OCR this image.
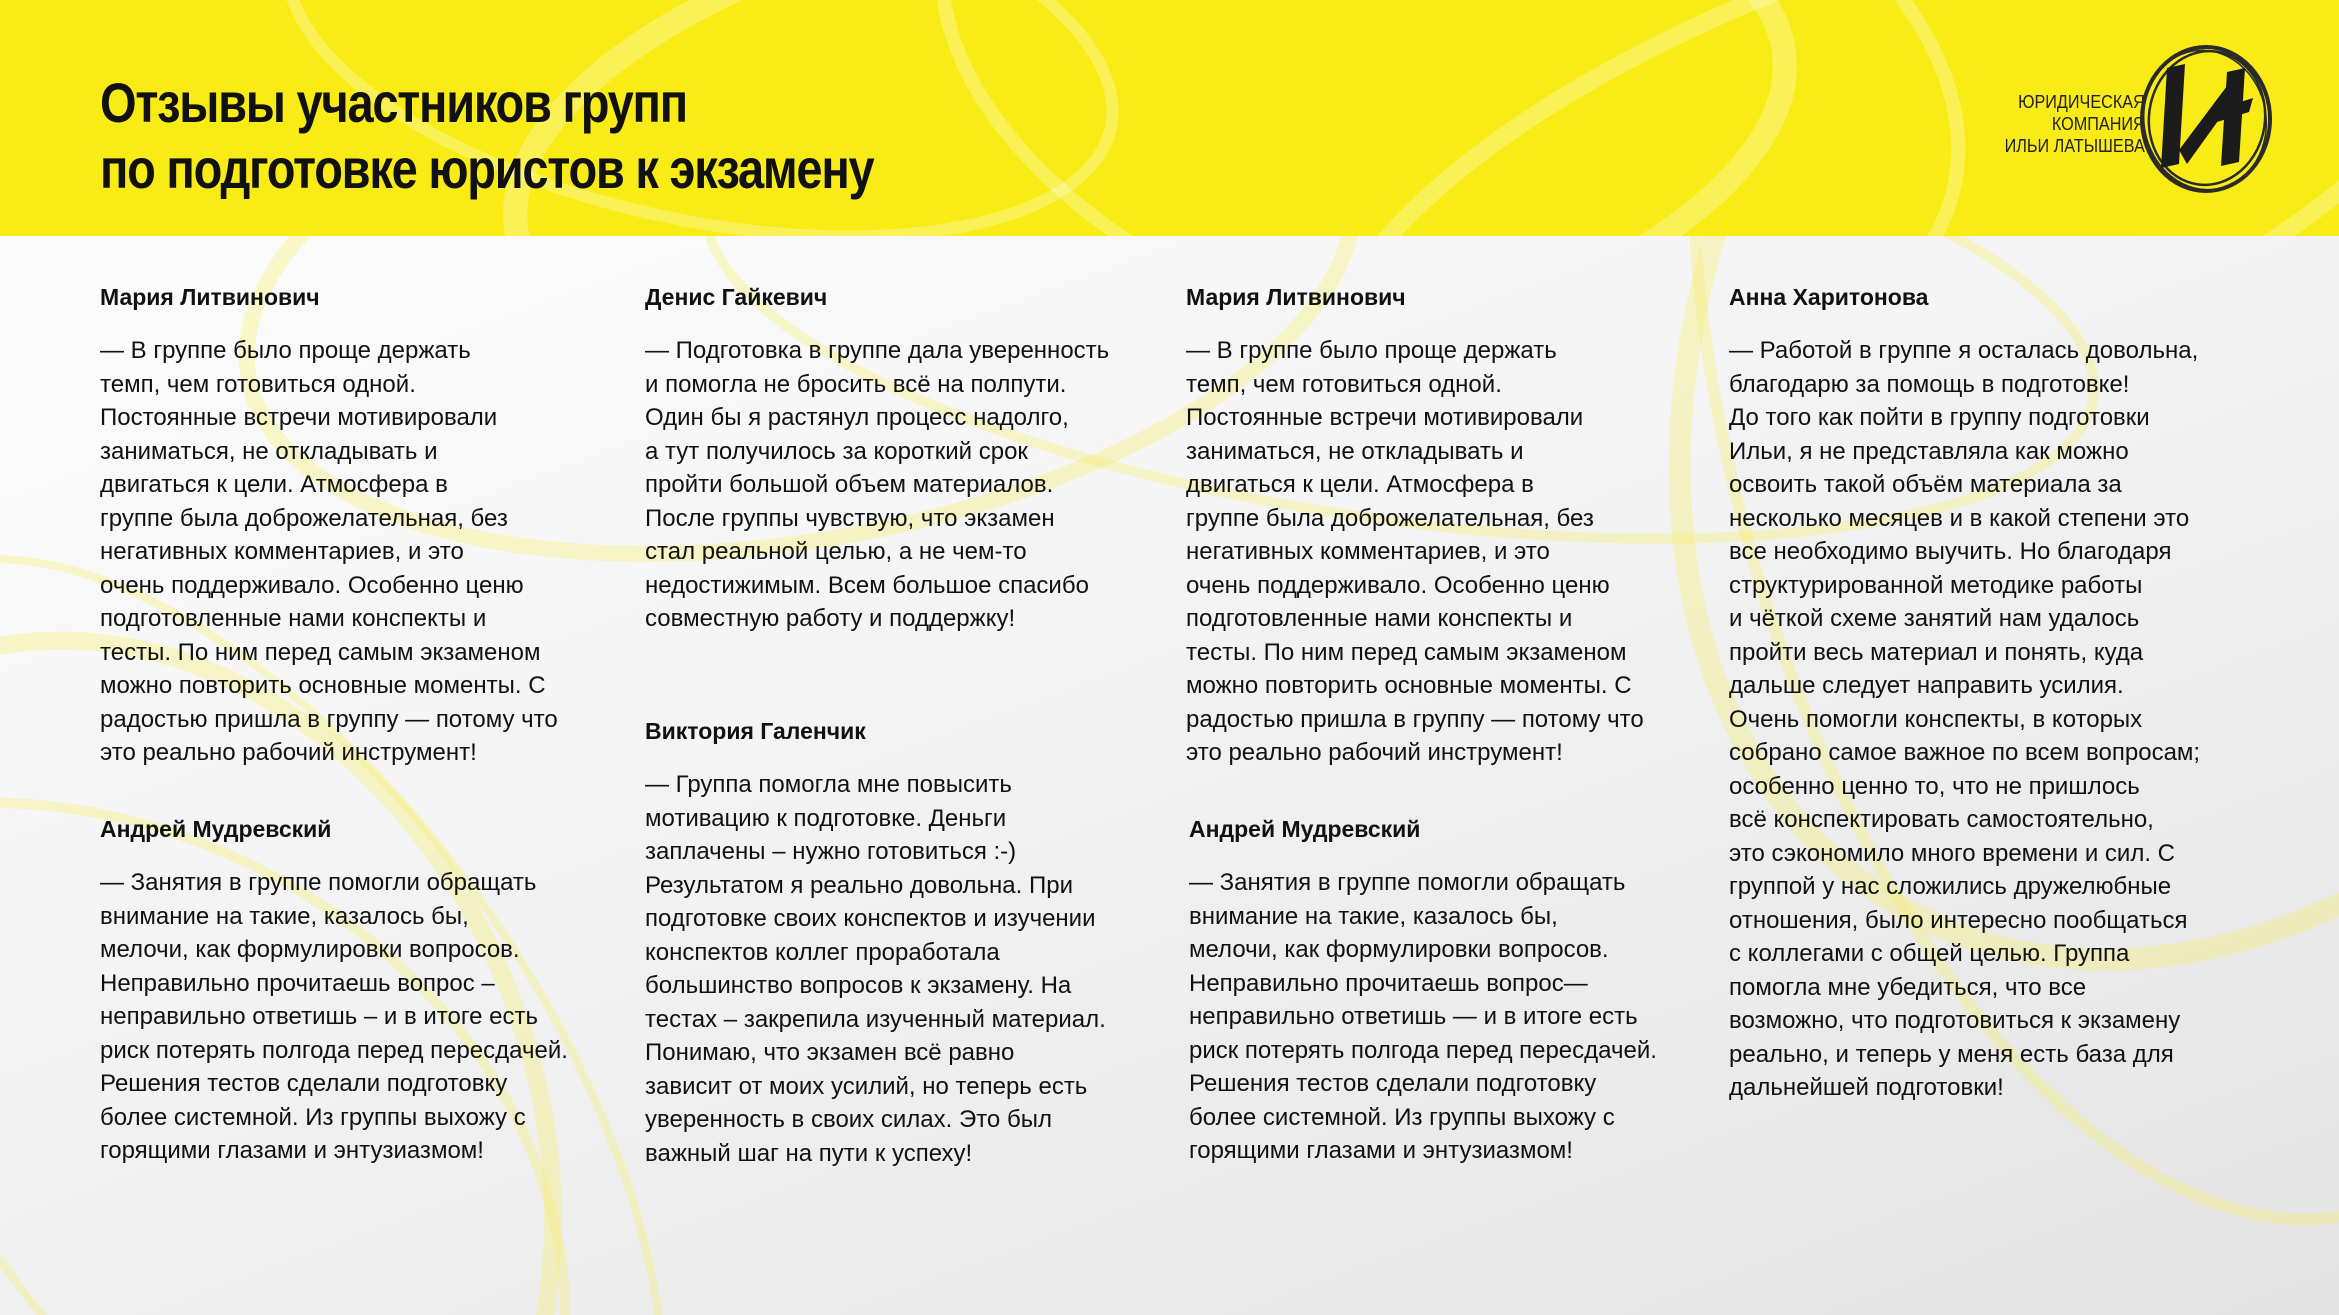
Отзывы участников групп
по подготовке юристов к экзамену
ЮРИДИЧЕСКАЯ
КОМПАНИЯ
ИЛЬИ ЛАТЫШЕВА
Мария Литвинович

— В группе было проще держать
темп, чем готовиться одной.
Постоянные встречи мотивировали
заниматься, не откладывать и
двигаться к цели. Атмосфера в
группе была доброжелательная, без
негативных комментариев, и это
очень поддерживало. Особенно ценю
подготовленные нами конспекты и
тесты. По ним перед самым экзаменом
можно повторить основные моменты. С
радостью пришла в группу — потому что
это реально рабочий инструмент!

Андрей Мудревский

— Занятия в группе помогли обращать
внимание на такие, казалось бы,
мелочи, как формулировки вопросов.
Неправильно прочитаешь вопрос –
неправильно ответишь – и в итоге есть
риск потерять полгода перед пересдачей.
Решения тестов сделали подготовку
более системной. Из группы выхожу с
горящими глазами и энтузиазмом!

Денис Гайкевич

— Подготовка в группе дала уверенность
и помогла не бросить всё на полпути.
Один бы я растянул процесс надолго,
а тут получилось за короткий срок
пройти большой объем материалов.
После группы чувствую, что экзамен
стал реальной целью, а не чем-то
недостижимым. Всем большое спасибо
совместную работу и поддержку!

Виктория Галенчик

— Группа помогла мне повысить
мотивацию к подготовке. Деньги
заплачены – нужно готовиться :-)
Результатом я реально довольна. При
подготовке своих конспектов и изучении
конспектов коллег проработала
большинство вопросов к экзамену. На
тестах – закрепила изученный материал.
Понимаю, что экзамен всё равно
зависит от моих усилий, но теперь есть
уверенность в своих силах. Это был
важный шаг на пути к успеху!

Мария Литвинович

— В группе было проще держать
темп, чем готовиться одной.
Постоянные встречи мотивировали
заниматься, не откладывать и
двигаться к цели. Атмосфера в
группе была доброжелательная, без
негативных комментариев, и это
очень поддерживало. Особенно ценю
подготовленные нами конспекты и
тесты. По ним перед самым экзаменом
можно повторить основные моменты. С
радостью пришла в группу — потому что
это реально рабочий инструмент!

Андрей Мудревский

— Занятия в группе помогли обращать
внимание на такие, казалось бы,
мелочи, как формулировки вопросов.
Неправильно прочитаешь вопрос—
неправильно ответишь — и в итоге есть
риск потерять полгода перед пересдачей.
Решения тестов сделали подготовку
более системной. Из группы выхожу с
горящими глазами и энтузиазмом!

Анна Харитонова

— Работой в группе я осталась довольна,
благодарю за помощь в подготовке!
До того как пойти в группу подготовки
Ильи, я не представляла как можно
освоить такой объём материала за
несколько месяцев и в какой степени это
все необходимо выучить. Но благодаря
структурированной методике работы
и чёткой схеме занятий нам удалось
пройти весь материал и понять, куда
дальше следует направить усилия.
Очень помогли конспекты, в которых
собрано самое важное по всем вопросам;
особенно ценно то, что не пришлось
всё конспектировать самостоятельно,
это сэкономило много времени и сил. С
группой у нас сложились дружелюбные
отношения, было интересно пообщаться
с коллегами с общей целью. Группа
помогла мне убедиться, что все
возможно, что подготовиться к экзамену
реально, и теперь у меня есть база для
дальнейшей подготовки!
